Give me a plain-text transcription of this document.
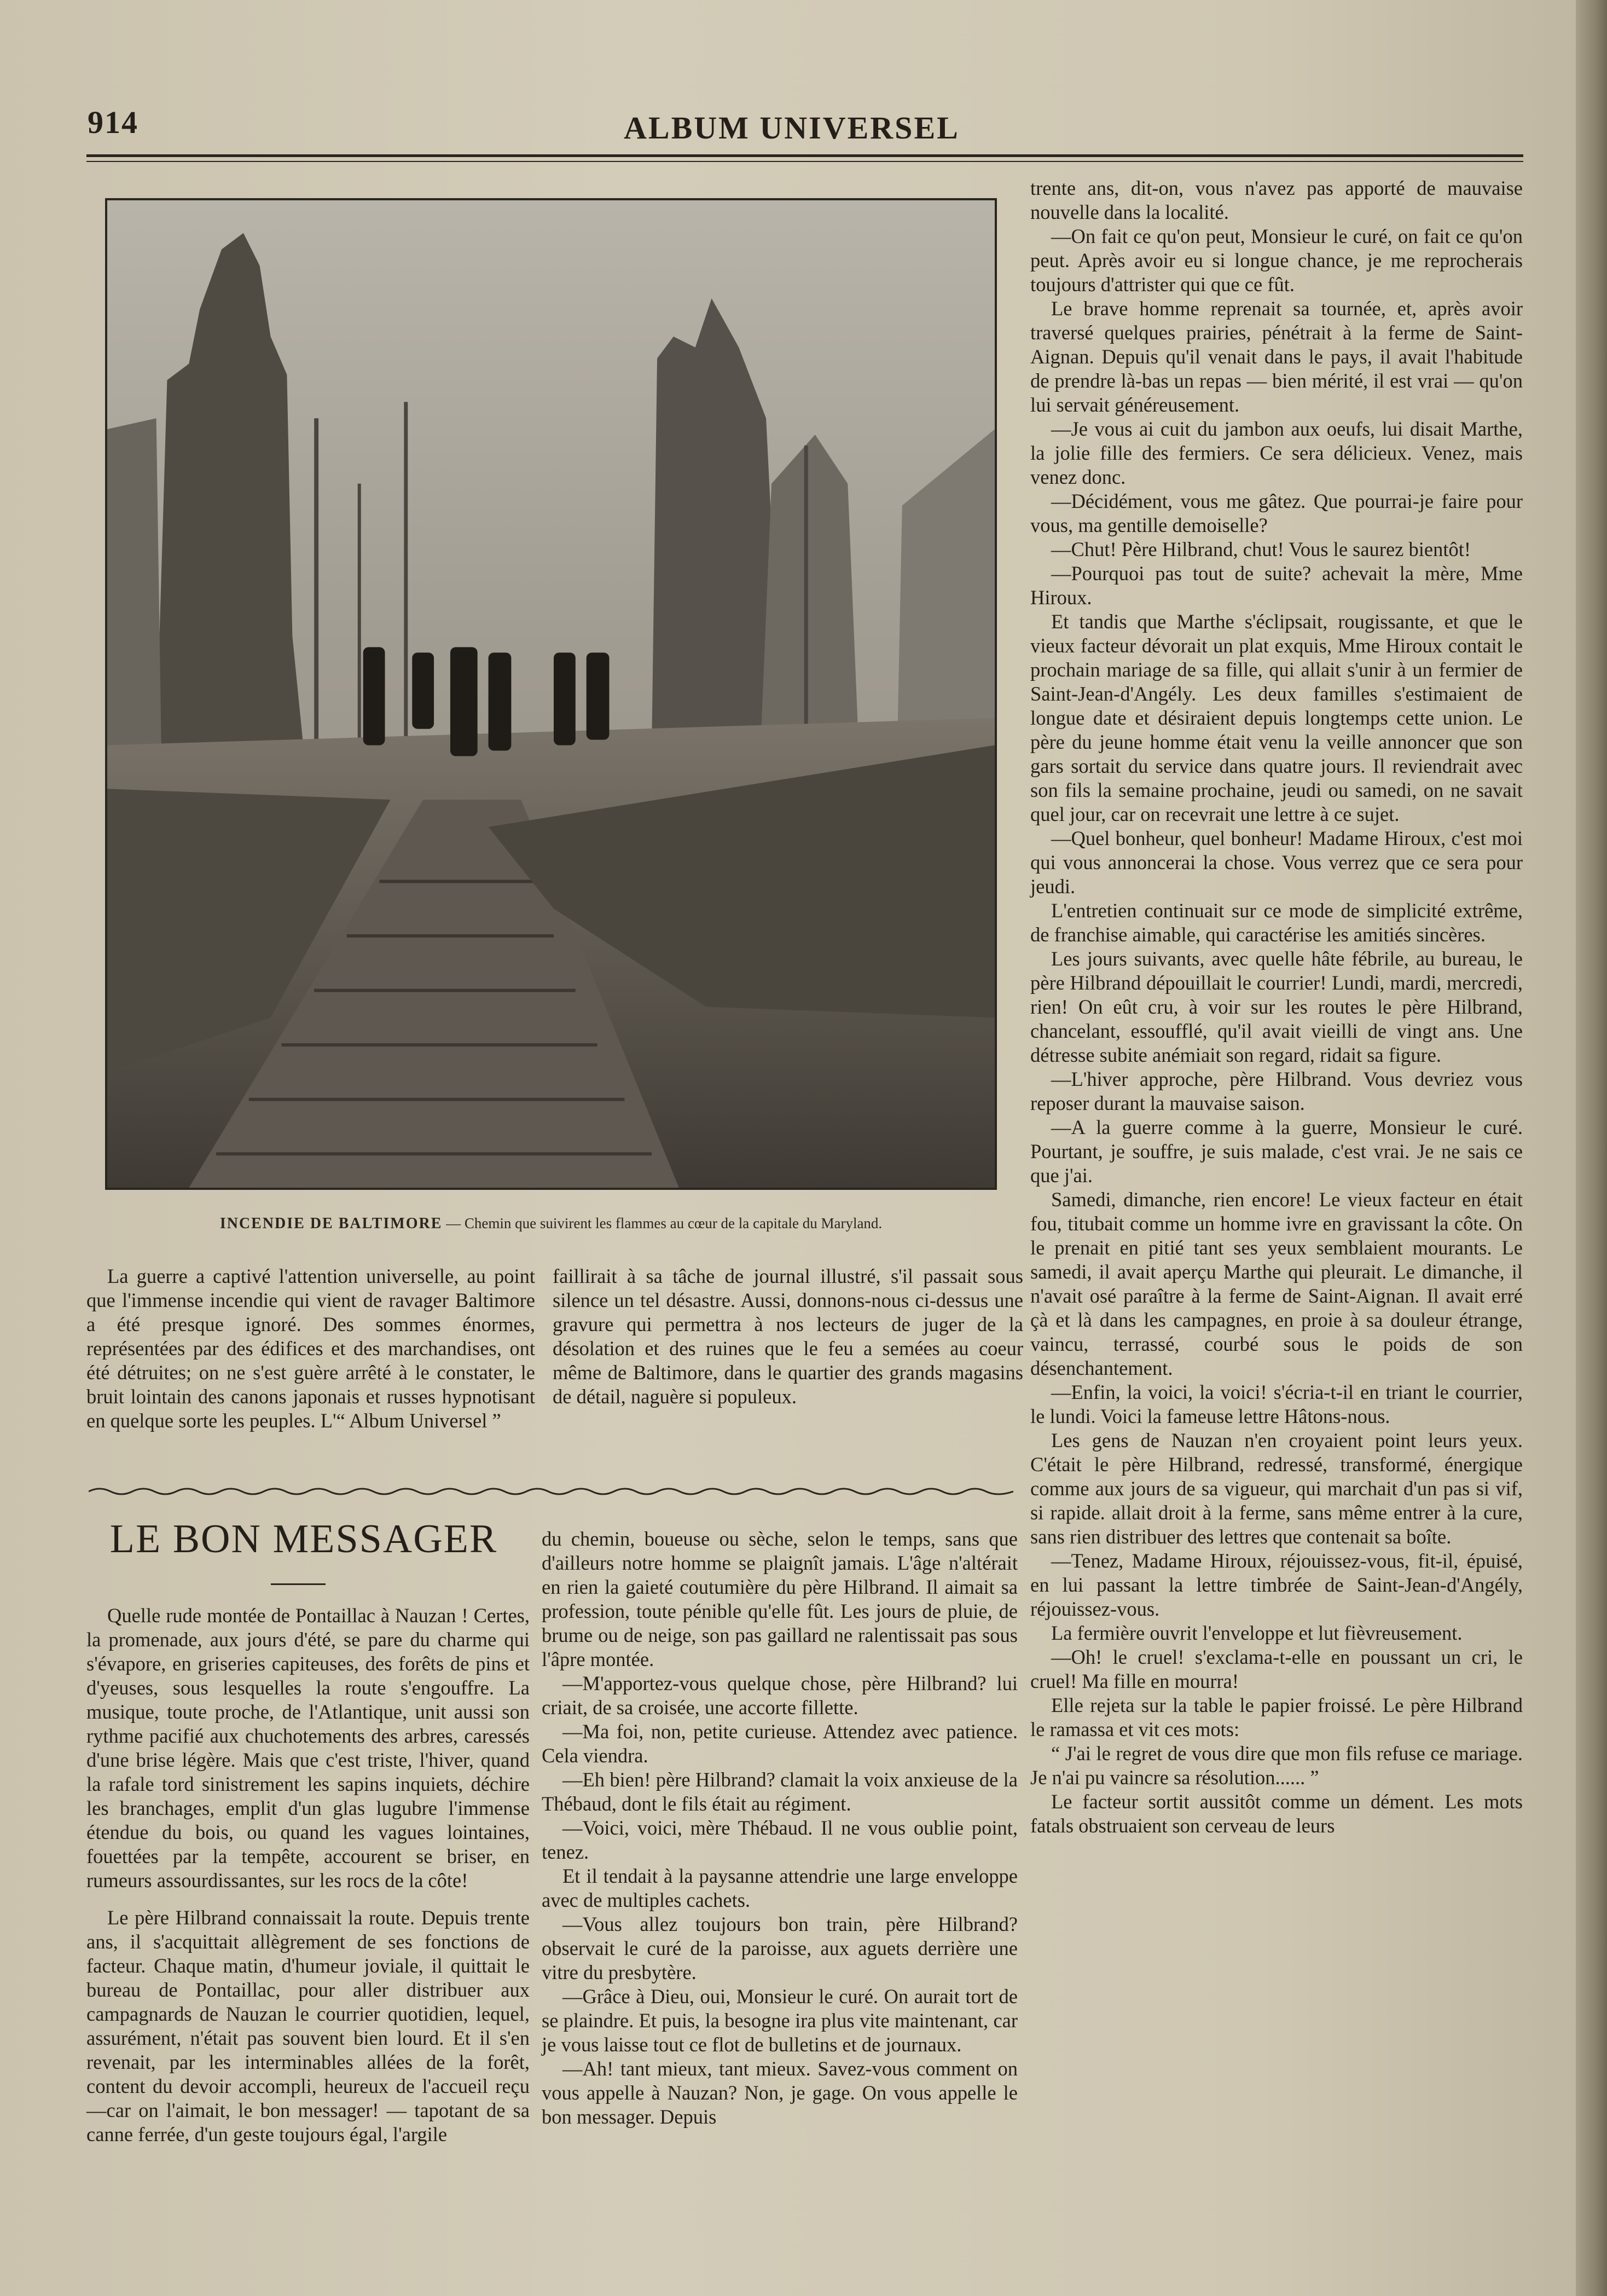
914	ALBUM UNIVERSEL
INCENDIE DE BALTIMORE — Chemin que suivirent les flammes au cœur de la capitale du Maryland.

La guerre a captivé l'attention universelle, au point que l'immense incendie qui vient de ravager Baltimore a été presque ignoré. Des sommes énormes, représentées par des édifices et des marchandises, ont été détruites; on ne s'est guère arrêté à le constater, le bruit lointain des canons japonais et russes hypnotisant en quelque sorte les peuples. L'“ Album Universel ”

faillirait à sa tâche de journal illustré, s'il passait sous silence un tel désastre. Aussi, donnons-nous ci-dessus une gravure qui permettra à nos lecteurs de juger de la désolation et des ruines que le feu a semées au coeur même de Baltimore, dans le quartier des grands magasins de détail, naguère si populeux.

LE BON MESSAGER

Quelle rude montée de Pontaillac à Nauzan ! Certes, la promenade, aux jours d'été, se pare du charme qui s'évapore, en griseries capiteuses, des forêts de pins et d'yeuses, sous lesquelles la route s'engouffre. La musique, toute proche, de l'Atlantique, unit aussi son rythme pacifié aux chuchotements des arbres, caressés d'une brise légère. Mais que c'est triste, l'hiver, quand la rafale tord sinistrement les sapins inquiets, déchire les branchages, emplit d'un glas lugubre l'immense étendue du bois, ou quand les vagues lointaines, fouettées par la tempête, accourent se briser, en rumeurs assourdissantes, sur les rocs de la côte!

Le père Hilbrand connaissait la route. Depuis trente ans, il s'acquittait allègrement de ses fonctions de facteur. Chaque matin, d'humeur joviale, il quittait le bureau de Pontaillac, pour aller distribuer aux campagnards de Nauzan le courrier quotidien, lequel, assurément, n'était pas souvent bien lourd. Et il s'en revenait, par les interminables allées de la forêt, content du devoir accompli, heureux de l'accueil reçu—car on l'aimait, le bon messager! — tapotant de sa canne ferrée, d'un geste toujours égal, l'argile

du chemin, boueuse ou sèche, selon le temps, sans que d'ailleurs notre homme se plaignît jamais. L'âge n'altérait en rien la gaieté coutumière du père Hilbrand. Il aimait sa profession, toute pénible qu'elle fût. Les jours de pluie, de brume ou de neige, son pas gaillard ne ralentissait pas sous l'âpre montée.

—M'apportez-vous quelque chose, père Hilbrand? lui criait, de sa croisée, une accorte fillette.

—Ma foi, non, petite curieuse. Attendez avec patience. Cela viendra.

—Eh bien! père Hilbrand? clamait la voix anxieuse de la Thébaud, dont le fils était au régiment.

—Voici, voici, mère Thébaud. Il ne vous oublie point, tenez.

Et il tendait à la paysanne attendrie une large enveloppe avec de multiples cachets.

—Vous allez toujours bon train, père Hilbrand? observait le curé de la paroisse, aux aguets derrière une vitre du presbytère.

—Grâce à Dieu, oui, Monsieur le curé. On aurait tort de se plaindre. Et puis, la besogne ira plus vite maintenant, car je vous laisse tout ce flot de bulletins et de journaux.

—Ah! tant mieux, tant mieux. Savez-vous comment on vous appelle à Nauzan? Non, je gage. On vous appelle le bon messager. Depuis

trente ans, dit-on, vous n'avez pas apporté de mauvaise nouvelle dans la localité.

—On fait ce qu'on peut, Monsieur le curé, on fait ce qu'on peut. Après avoir eu si longue chance, je me reprocherais toujours d'attrister qui que ce fût.

Le brave homme reprenait sa tournée, et, après avoir traversé quelques prairies, pénétrait à la ferme de Saint-Aignan. Depuis qu'il venait dans le pays, il avait l'habitude de prendre là-bas un repas — bien mérité, il est vrai — qu'on lui servait généreusement.

—Je vous ai cuit du jambon aux oeufs, lui disait Marthe, la jolie fille des fermiers. Ce sera délicieux. Venez, mais venez donc.

—Décidément, vous me gâtez. Que pourrai-je faire pour vous, ma gentille demoiselle?

—Chut! Père Hilbrand, chut! Vous le saurez bientôt!

—Pourquoi pas tout de suite? achevait la mère, Mme Hiroux.

Et tandis que Marthe s'éclipsait, rougissante, et que le vieux facteur dévorait un plat exquis, Mme Hiroux contait le prochain mariage de sa fille, qui allait s'unir à un fermier de Saint-Jean-d'Angély. Les deux familles s'estimaient de longue date et désiraient depuis longtemps cette union. Le père du jeune homme était venu la veille annoncer que son gars sortait du service dans quatre jours. Il reviendrait avec son fils la semaine prochaine, jeudi ou samedi, on ne savait quel jour, car on recevrait une lettre à ce sujet.

—Quel bonheur, quel bonheur! Madame Hiroux, c'est moi qui vous annoncerai la chose. Vous verrez que ce sera pour jeudi.

L'entretien continuait sur ce mode de simplicité extrême, de franchise aimable, qui caractérise les amitiés sincères.

Les jours suivants, avec quelle hâte fébrile, au bureau, le père Hilbrand dépouillait le courrier! Lundi, mardi, mercredi, rien! On eût cru, à voir sur les routes le père Hilbrand, chancelant, essoufflé, qu'il avait vieilli de vingt ans. Une détresse subite anémiait son regard, ridait sa figure.

—L'hiver approche, père Hilbrand. Vous devriez vous reposer durant la mauvaise saison.

—A la guerre comme à la guerre, Monsieur le curé. Pourtant, je souffre, je suis malade, c'est vrai. Je ne sais ce que j'ai.

Samedi, dimanche, rien encore! Le vieux facteur en était fou, titubait comme un homme ivre en gravissant la côte. On le prenait en pitié tant ses yeux semblaient mourants. Le samedi, il avait aperçu Marthe qui pleurait. Le dimanche, il n'avait osé paraître à la ferme de Saint-Aignan. Il avait erré çà et là dans les campagnes, en proie à sa douleur étrange, vaincu, terrassé, courbé sous le poids de son désenchantement.

—Enfin, la voici, la voici! s'écria-t-il en triant le courrier, le lundi. Voici la fameuse lettre Hâtons-nous.

Les gens de Nauzan n'en croyaient point leurs yeux. C'était le père Hilbrand, redressé, transformé, énergique comme aux jours de sa vigueur, qui marchait d'un pas si vif, si rapide. allait droit à la ferme, sans même entrer à la cure, sans rien distribuer des lettres que contenait sa boîte.

—Tenez, Madame Hiroux, réjouissez-vous, fit-il, épuisé, en lui passant la lettre timbrée de Saint-Jean-d'Angély, réjouissez-vous.

La fermière ouvrit l'enveloppe et lut fièvreusement.

—Oh! le cruel! s'exclama-t-elle en poussant un cri, le cruel! Ma fille en mourra!

Elle rejeta sur la table le papier froissé. Le père Hilbrand le ramassa et vit ces mots:

“ J'ai le regret de vous dire que mon fils refuse ce mariage. Je n'ai pu vaincre sa résolution...... ”

Le facteur sortit aussitôt comme un dément. Les mots fatals obstruaient son cerveau de leurs
